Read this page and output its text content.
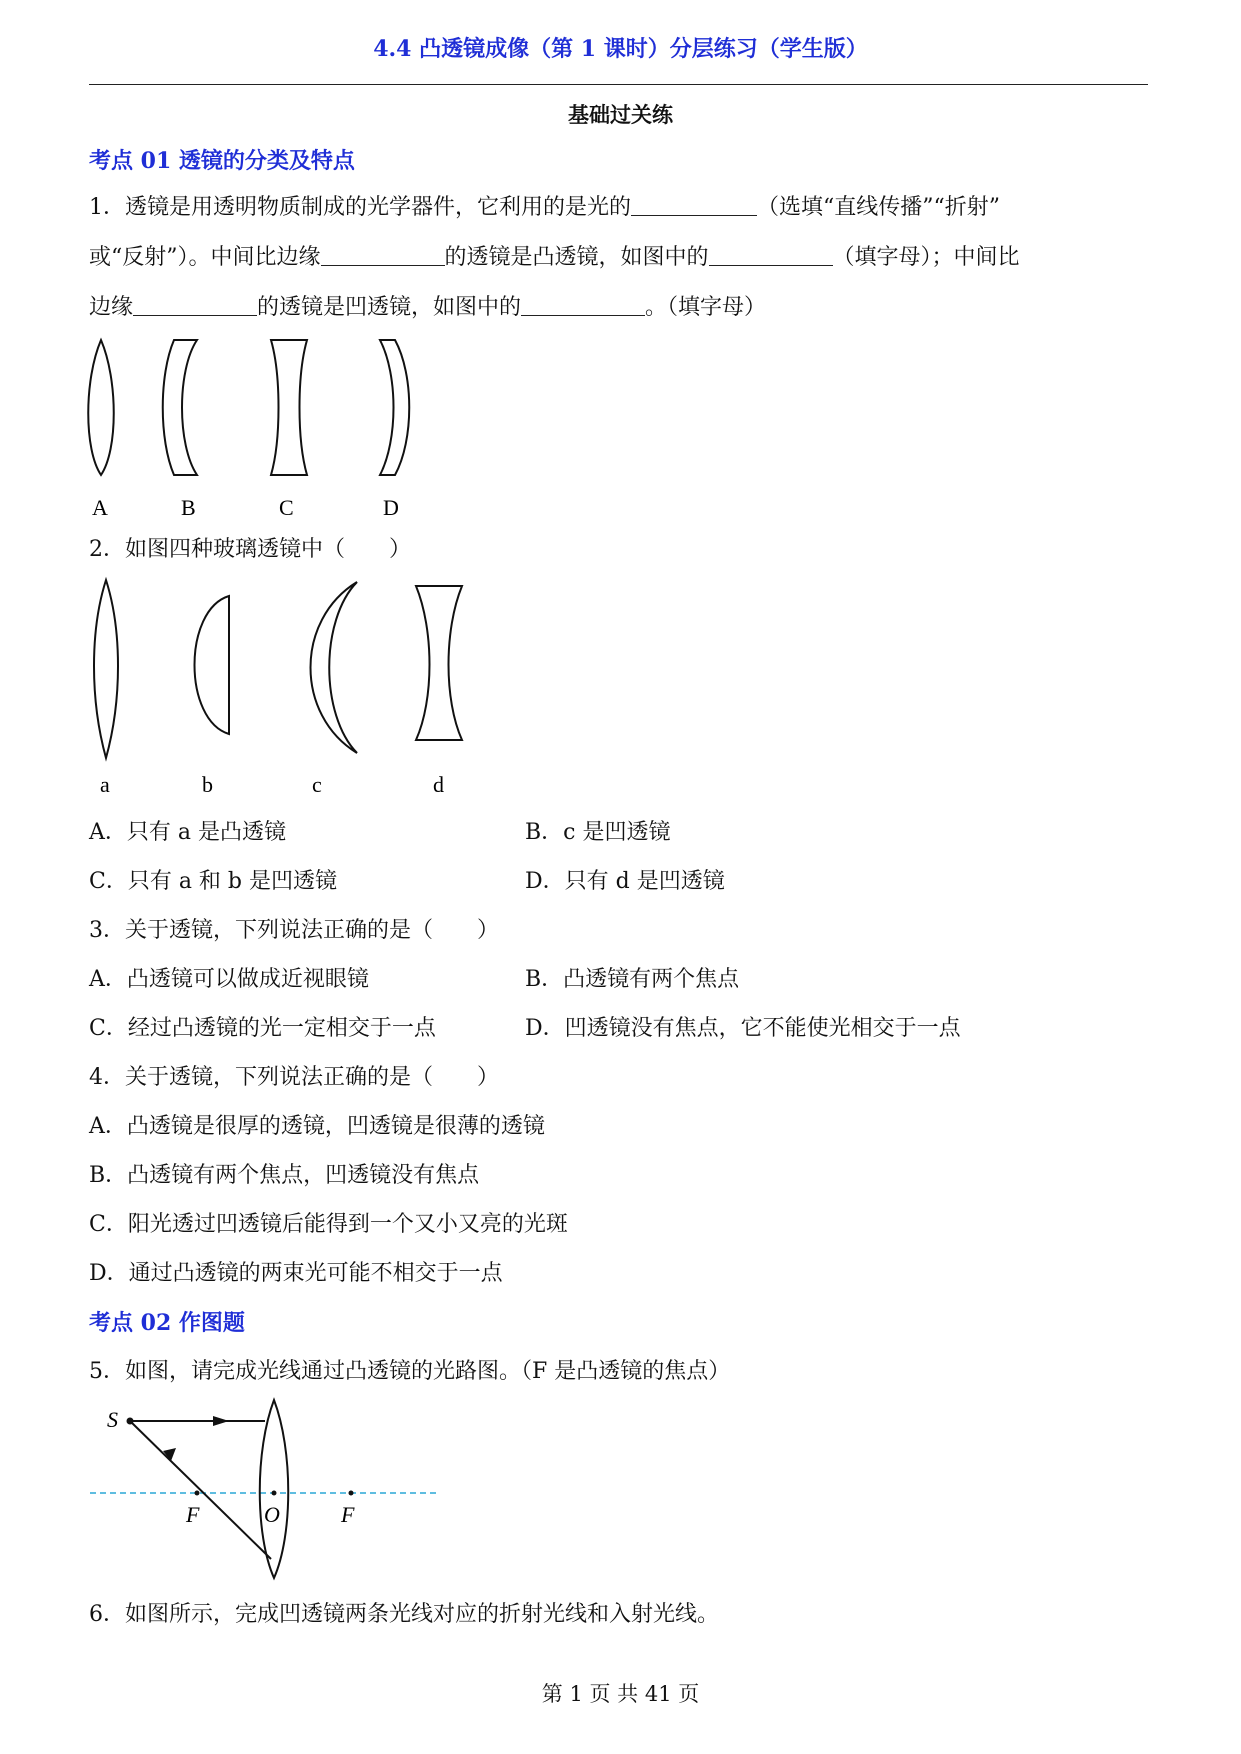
4.4 凸透镜成像（第 1 课时）分层练习（学生版）
基础过关练
考点 01 透镜的分类及特点
1．透镜是用透明物质制成的光学器件，它利用的是光的	（选填“直线传播”“折射”
或“反射”）。中间比边缘	的透镜是凸透镜，如图中的	（填字母）；中间比
边缘	的透镜是凹透镜，如图中的	。（填字母）
A	B	C	D
2．如图四种玻璃透镜中（　　）
a	b	c	d
A．只有 a 是凸透镜	B．c 是凹透镜
C．只有 a 和 b 是凹透镜	D．只有 d 是凹透镜
3．关于透镜，下列说法正确的是（　　）
A．凸透镜可以做成近视眼镜	B．凸透镜有两个焦点
C．经过凸透镜的光一定相交于一点	D．凹透镜没有焦点，它不能使光相交于一点
4．关于透镜，下列说法正确的是（　　）
A．凸透镜是很厚的透镜，凹透镜是很薄的透镜
B．凸透镜有两个焦点，凹透镜没有焦点
C．阳光透过凹透镜后能得到一个又小又亮的光斑
D．通过凸透镜的两束光可能不相交于一点
考点 02 作图题
5．如图，请完成光线通过凸透镜的光路图。（F 是凸透镜的焦点）
S
F	O	F
6．如图所示，完成凹透镜两条光线对应的折射光线和入射光线。
第 1 页 共 41 页
